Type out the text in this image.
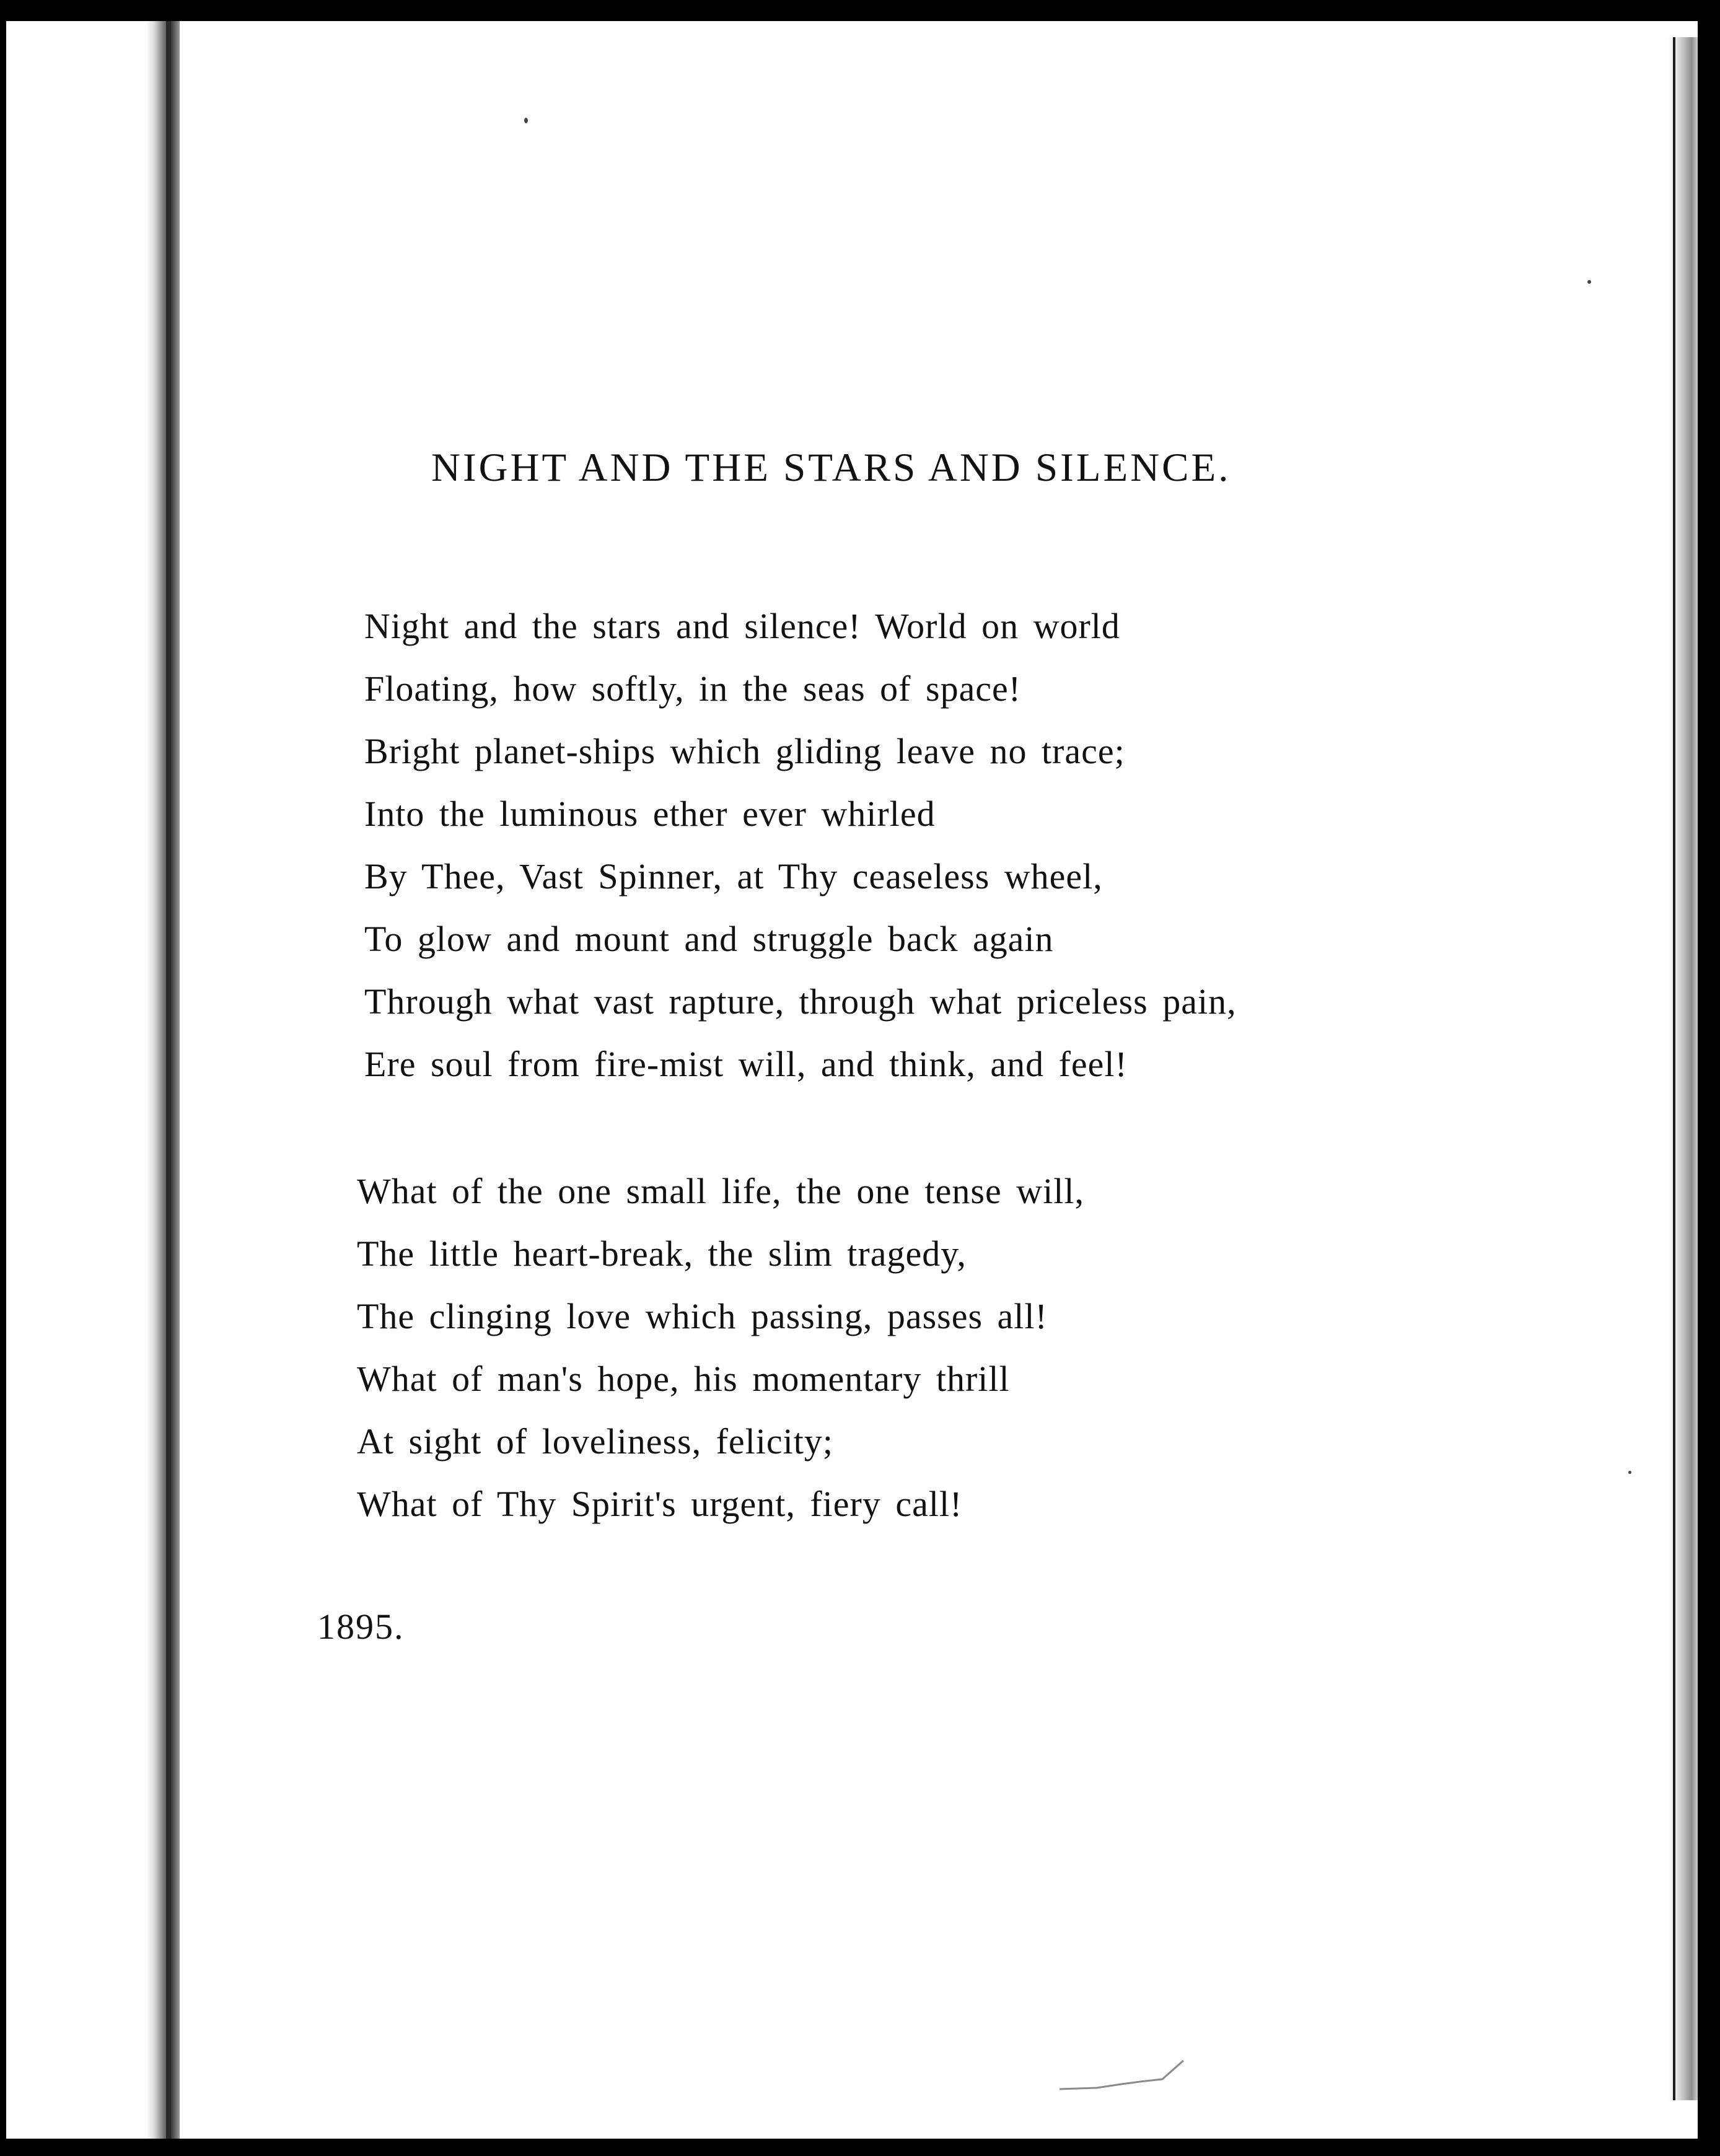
NIGHT AND THE STARS AND SILENCE.
Night and the stars and silence! World on world
Floating, how softly, in the seas of space!
Bright planet-ships which gliding leave no trace;
Into the luminous ether ever whirled
By Thee, Vast Spinner, at Thy ceaseless wheel,
To glow and mount and struggle back again
Through what vast rapture, through what priceless pain,
Ere soul from fire-mist will, and think, and feel!
What of the one small life, the one tense will,
The little heart-break, the slim tragedy,
The clinging love which passing, passes all!
What of man's hope, his momentary thrill
At sight of loveliness, felicity;
What of Thy Spirit's urgent, fiery call!
1895.
